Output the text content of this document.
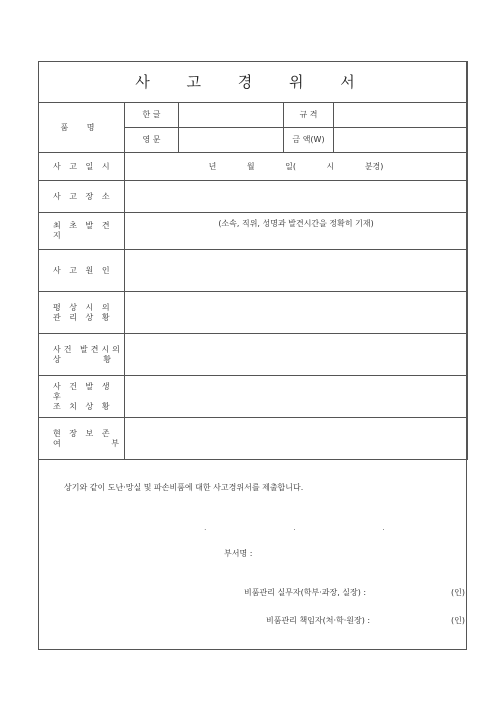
사 고 경 위 서				
품 명	한 글		규 격	
	영 문		금 액(W)	
사 고 일 시	년 월 일( 시 분경)			
사 고 장 소				
최 초 발 견 지	(소속, 직위, 성명과 발견시간을 정확히 기재)			
사 고 원 인				
평 상 시 의
관 리 상 황				
사건 발견시의
상 황				
사 건 발 생 후
조 치 상 황				
현 장 보 존
여 부				
상기와 같이 도난·망실 및 파손비품에 대한 사고경위서를 제출합니다.
. . .
부서명 :
비품관리 실무자(학부·과장, 실장) :	(인)
비품관리 책임자(처·학·원장) :	(인)
